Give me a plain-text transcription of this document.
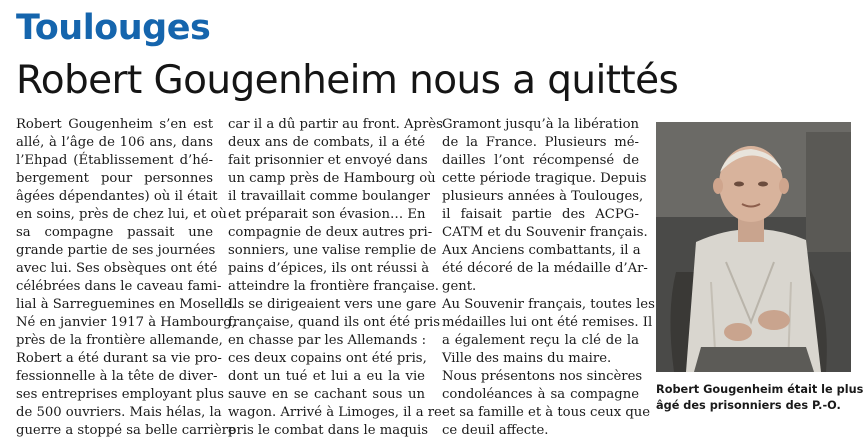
Toulouges
Robert Gougenheim nous a quittés
Robert Gougenheim s’en est
allé, à l’âge de 106 ans, dans
l’Ehpad (Établissement d’hé-
bergement pour personnes
âgées dépendantes) où il était
en soins, près de chez lui, et où
sa compagne passait une
grande partie de ses journées
avec lui. Ses obsèques ont été
célébrées dans le caveau fami-
lial à Sarreguemines en Moselle.
Né en janvier 1917 à Hambourg,
près de la frontière allemande,
Robert a été durant sa vie pro-
fessionnelle à la tête de diver-
ses entreprises employant plus
de 500 ouvriers. Mais hélas, la
guerre a stoppé sa belle carrière
car il a dû partir au front. Après
deux ans de combats, il a été
fait prisonnier et envoyé dans
un camp près de Hambourg où
il travaillait comme boulanger
et préparait son évasion… En
compagnie de deux autres pri-
sonniers, une valise remplie de
pains d’épices, ils ont réussi à
atteindre la frontière française.
Ils se dirigeaient vers une gare
française, quand ils ont été pris
en chasse par les Allemands :
ces deux copains ont été pris,
dont un tué et lui a eu la vie
sauve en se cachant sous un
wagon. Arrivé à Limoges, il a re-
pris le combat dans le maquis
Gramont jusqu’à la libération
de la France. Plusieurs mé-
dailles l’ont récompensé de
cette période tragique. Depuis
plusieurs années à Toulouges,
il faisait partie des ACPG-
CATM et du Souvenir français.
Aux Anciens combattants, il a
été décoré de la médaille d’Ar-
gent.
Au Souvenir français, toutes les
médailles lui ont été remises. Il
a également reçu la clé de la
Ville des mains du maire.
Nous présentons nos sincères
condoléances à sa compagne
et sa famille et à tous ceux que
ce deuil affecte.
Robert Gougenheim était le plus
âgé des prisonniers des P.-O.
